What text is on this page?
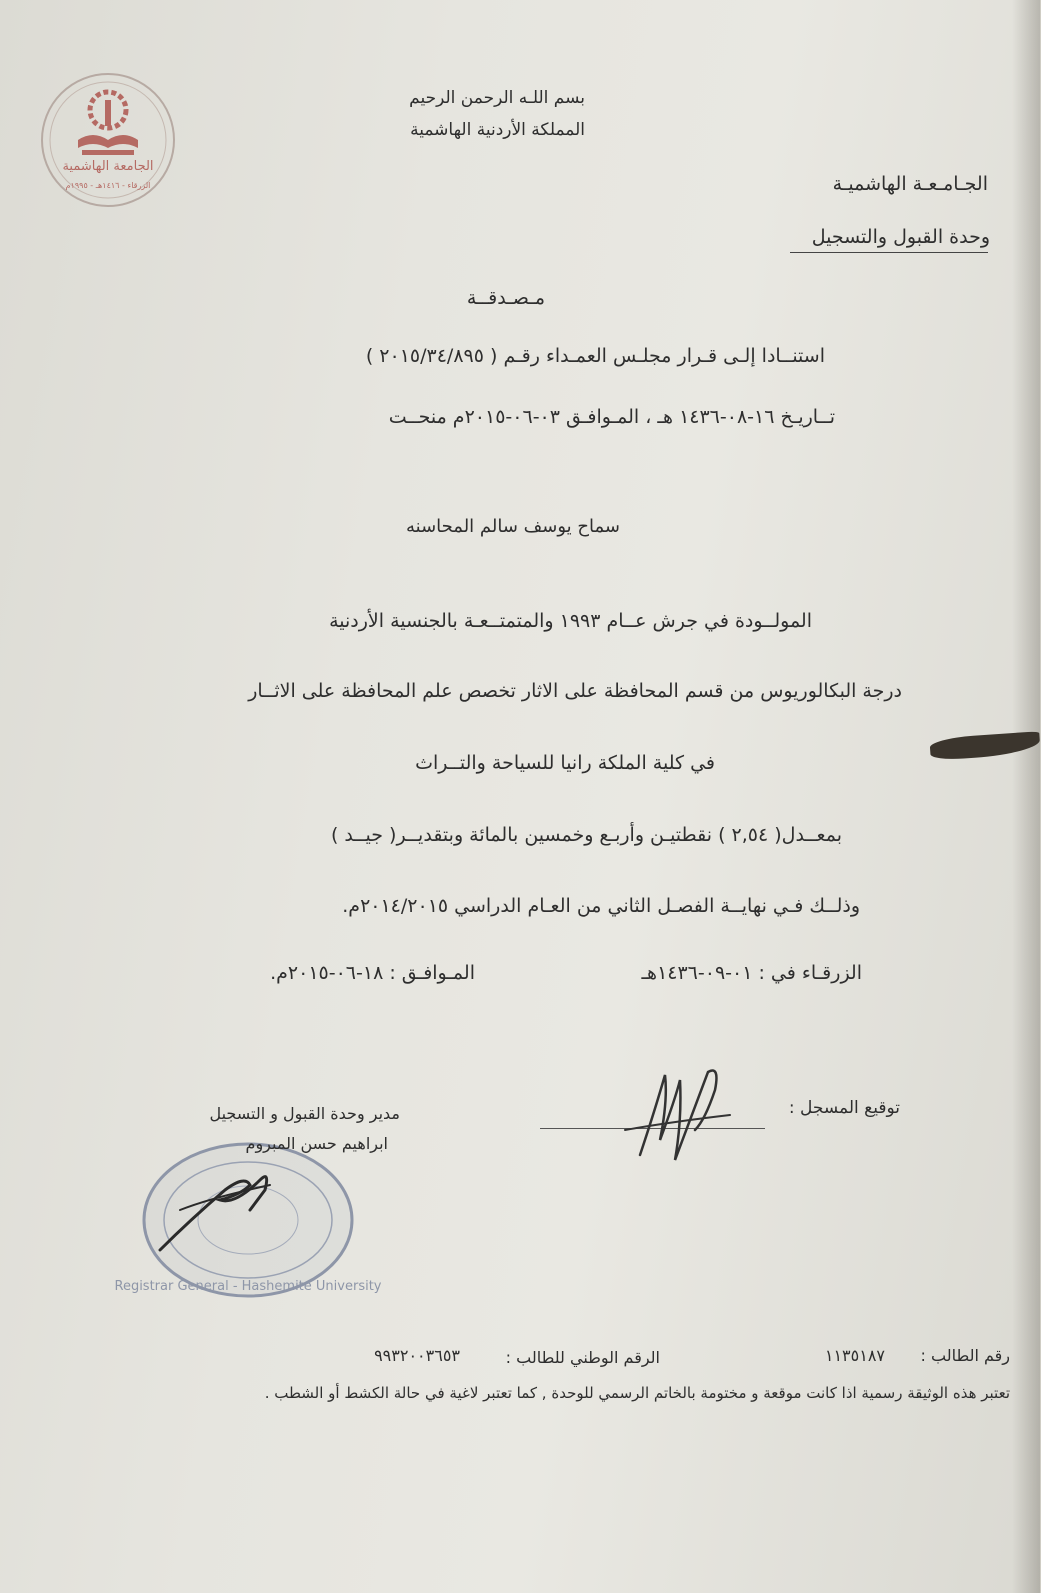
الجامعة الهاشمية
الزرقاء - ١٤١٦هـ - ١٩٩٥م
بسم اللـه الرحمن الرحيم
المملكة الأردنية الهاشمية
الجـامـعـة الهاشميـة
وحدة القبول والتسجيل
مـصـدقــة
استنــادا إلـى قـرار مجلـس العمـداء رقـم ( ٢٠١٥/٣٤/٨٩٥ )
تــاريـخ ١٦-٠٨-١٤٣٦ هـ ، المـوافـق ٠٣-٠٦-٢٠١٥م منحــت
سماح يوسف سالم المحاسنه
المولــودة في جرش عــام ١٩٩٣ والمتمتــعـة بالجنسية الأردنية
درجة البكالوريوس من قسم المحافظة على الاثار تخصص علم المحافظة على الاثــار
في كلية الملكة رانيا للسياحة والتــراث
بمعــدل( ٢,٥٤ ) نقطتيـن وأربـع وخمسين بالمائة وبتقديــر( جيــد )
وذلــك فـي نهايــة الفصـل الثاني من العـام الدراسي ٢٠١٤/٢٠١٥م.
المـوافـق : ١٨-٠٦-٢٠١٥م.	الزرقـاء في : ٠١-٠٩-١٤٣٦هـ
توقيع المسجل :
Registrar General - Hashemite University
مدير وحدة القبول و التسجيل
ابراهيم حسن المبروم
رقم الطالب :
١١٣٥١٨٧
الرقم الوطني للطالب :
٩٩٣٢٠٠٣٦٥٣
تعتبر هذه الوثيقة رسمية اذا كانت موقعة و مختومة بالخاتم الرسمي للوحدة , كما تعتبر لاغية في حالة الكشط أو الشطب .
